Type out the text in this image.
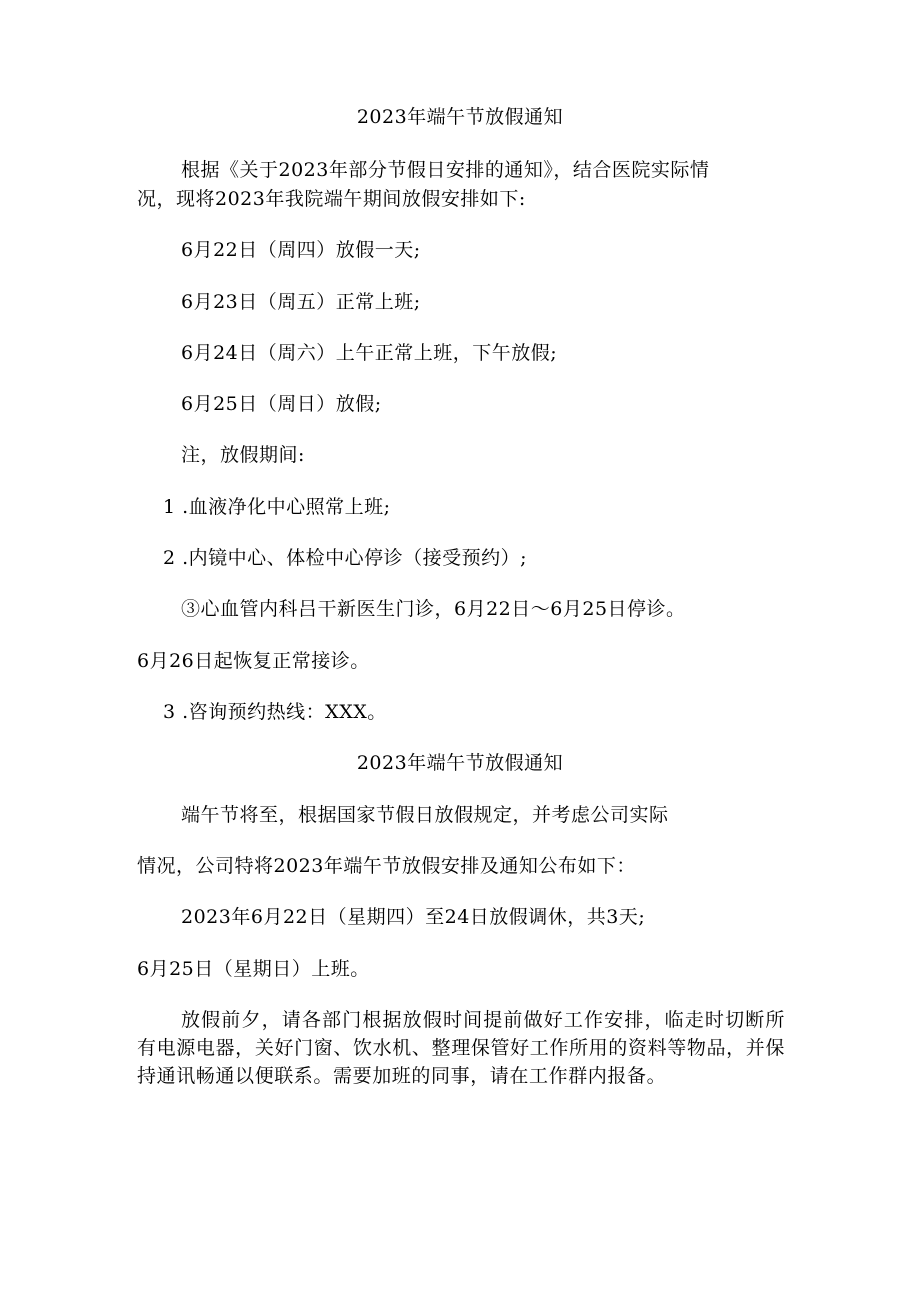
2023年端午节放假通知
根据《关于2023年部分节假日安排的通知》，结合医院实际情
况，现将2023年我院端午期间放假安排如下:
6月22日（周四）放假一天;
6月23日（周五）正常上班;
6月24日（周六）上午正常上班，下午放假;
6月25日（周日）放假;
注，放假期间:
1 .血液净化中心照常上班;
2 .内镜中心、体检中心停诊（接受预约）;
③心血管内科吕干新医生门诊，6月22日～6月25日停诊。
6月26日起恢复正常接诊。
3 .咨询预约热线：XXX。
2023年端午节放假通知
端午节将至，根据国家节假日放假规定，并考虑公司实际
情况，公司特将2023年端午节放假安排及通知公布如下：
2023年6月22日（星期四）至24日放假调休，共3天;
6月25日（星期日）上班。
放假前夕，请各部门根据放假时间提前做好工作安排，临走时切断所有电源电器，关好门窗、饮水机、整理保管好工作所用的资料等物品，并保持通讯畅通以便联系。需要加班的同事，请在工作群内报备。
